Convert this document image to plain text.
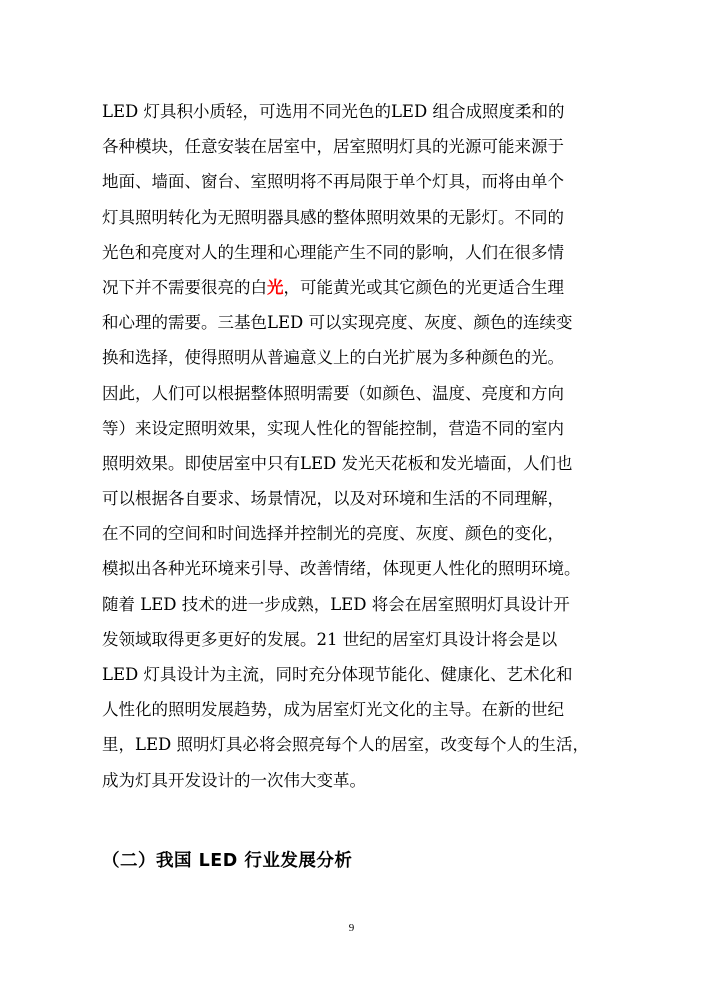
LED 灯具积小质轻，可选用不同光色的LED 组合成照度柔和的
各种模块，任意安装在居室中，居室照明灯具的光源可能来源于
地面、墙面、窗台、室照明将不再局限于单个灯具，而将由单个
灯具照明转化为无照明器具感的整体照明效果的无影灯。不同的
光色和亮度对人的生理和心理能产生不同的影响，人们在很多情
况下并不需要很亮的白光，可能黄光或其它颜色的光更适合生理
和心理的需要。三基色LED 可以实现亮度、灰度、颜色的连续变
换和选择，使得照明从普遍意义上的白光扩展为多种颜色的光。
因此，人们可以根据整体照明需要（如颜色、温度、亮度和方向
等）来设定照明效果，实现人性化的智能控制，营造不同的室内
照明效果。即使居室中只有LED 发光天花板和发光墙面，人们也
可以根据各自要求、场景情况，以及对环境和生活的不同理解，
在不同的空间和时间选择并控制光的亮度、灰度、颜色的变化，
模拟出各种光环境来引导、改善情绪，体现更人性化的照明环境。
随着 LED 技术的进一步成熟，LED 将会在居室照明灯具设计开
发领域取得更多更好的发展。21 世纪的居室灯具设计将会是以
LED 灯具设计为主流，同时充分体现节能化、健康化、艺术化和
人性化的照明发展趋势，成为居室灯光文化的主导。在新的世纪
里，LED 照明灯具必将会照亮每个人的居室，改变每个人的生活，
成为灯具开发设计的一次伟大变革。
（二）我国 LED 行业发展分析
9
